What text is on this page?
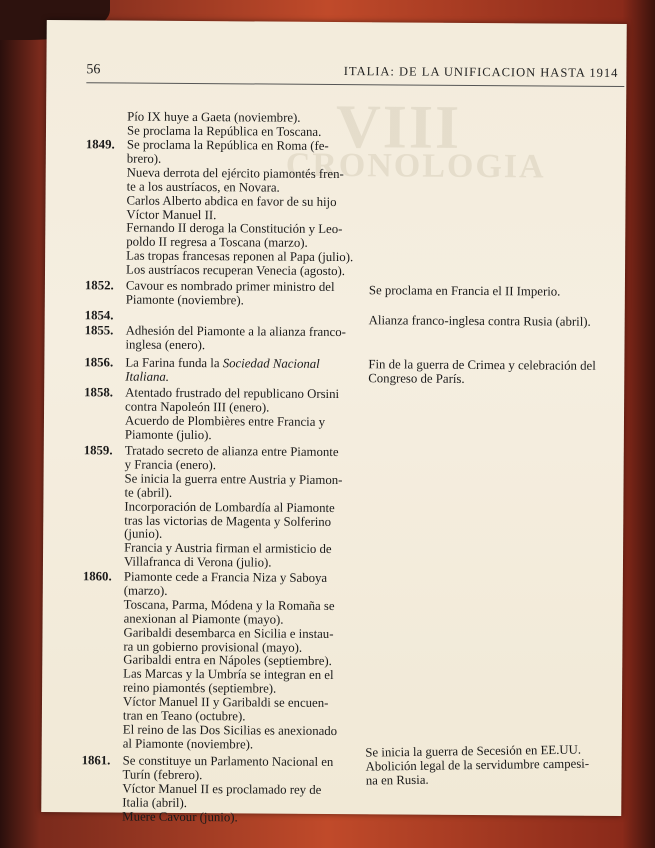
VIII
CRONOLOGIA
56	ITALIA: DE LA UNIFICACION HASTA 1914
Pío IX huye a Gaeta (noviembre).
Se proclama la República en Toscana.
1849. Se proclama la República en Roma (fe-
brero).
Nueva derrota del ejército piamontés fren-
te a los austríacos, en Novara.
Carlos Alberto abdica en favor de su hijo
Víctor Manuel II.
Fernando II deroga la Constitución y Leo-
poldo II regresa a Toscana (marzo).
Las tropas francesas reponen al Papa (julio).
Los austríacos recuperan Venecia (agosto).
1852. Cavour es nombrado primer ministro del
Piamonte (noviembre).
1854.
1855. Adhesión del Piamonte a la alianza franco-
inglesa (enero).
1856. La Farina funda la Sociedad Nacional
Italiana.
1858. Atentado frustrado del republicano Orsini
contra Napoleón III (enero).
Acuerdo de Plombières entre Francia y
Piamonte (julio).
1859. Tratado secreto de alianza entre Piamonte
y Francia (enero).
Se inicia la guerra entre Austria y Piamon-
te (abril).
Incorporación de Lombardía al Piamonte
tras las victorias de Magenta y Solferino
(junio).
Francia y Austria firman el armisticio de
Villafranca di Verona (julio).
1860. Piamonte cede a Francia Niza y Saboya
(marzo).
Toscana, Parma, Módena y la Romaña se
anexionan al Piamonte (mayo).
Garibaldi desembarca en Sicilia e instau-
ra un gobierno provisional (mayo).
Garibaldi entra en Nápoles (septiembre).
Las Marcas y la Umbría se integran en el
reino piamontés (septiembre).
Víctor Manuel II y Garibaldi se encuen-
tran en Teano (octubre).
El reino de las Dos Sicilias es anexionado
al Piamonte (noviembre).
1861. Se constituye un Parlamento Nacional en
Turín (febrero).
Víctor Manuel II es proclamado rey de
Italia (abril).
Muere Cavour (junio).
Se proclama en Francia el II Imperio.
Alianza franco-inglesa contra Rusia (abril).
Fin de la guerra de Crimea y celebración del
Congreso de París.
Se inicia la guerra de Secesión en EE.UU.
Abolición legal de la servidumbre campesi-
na en Rusia.
